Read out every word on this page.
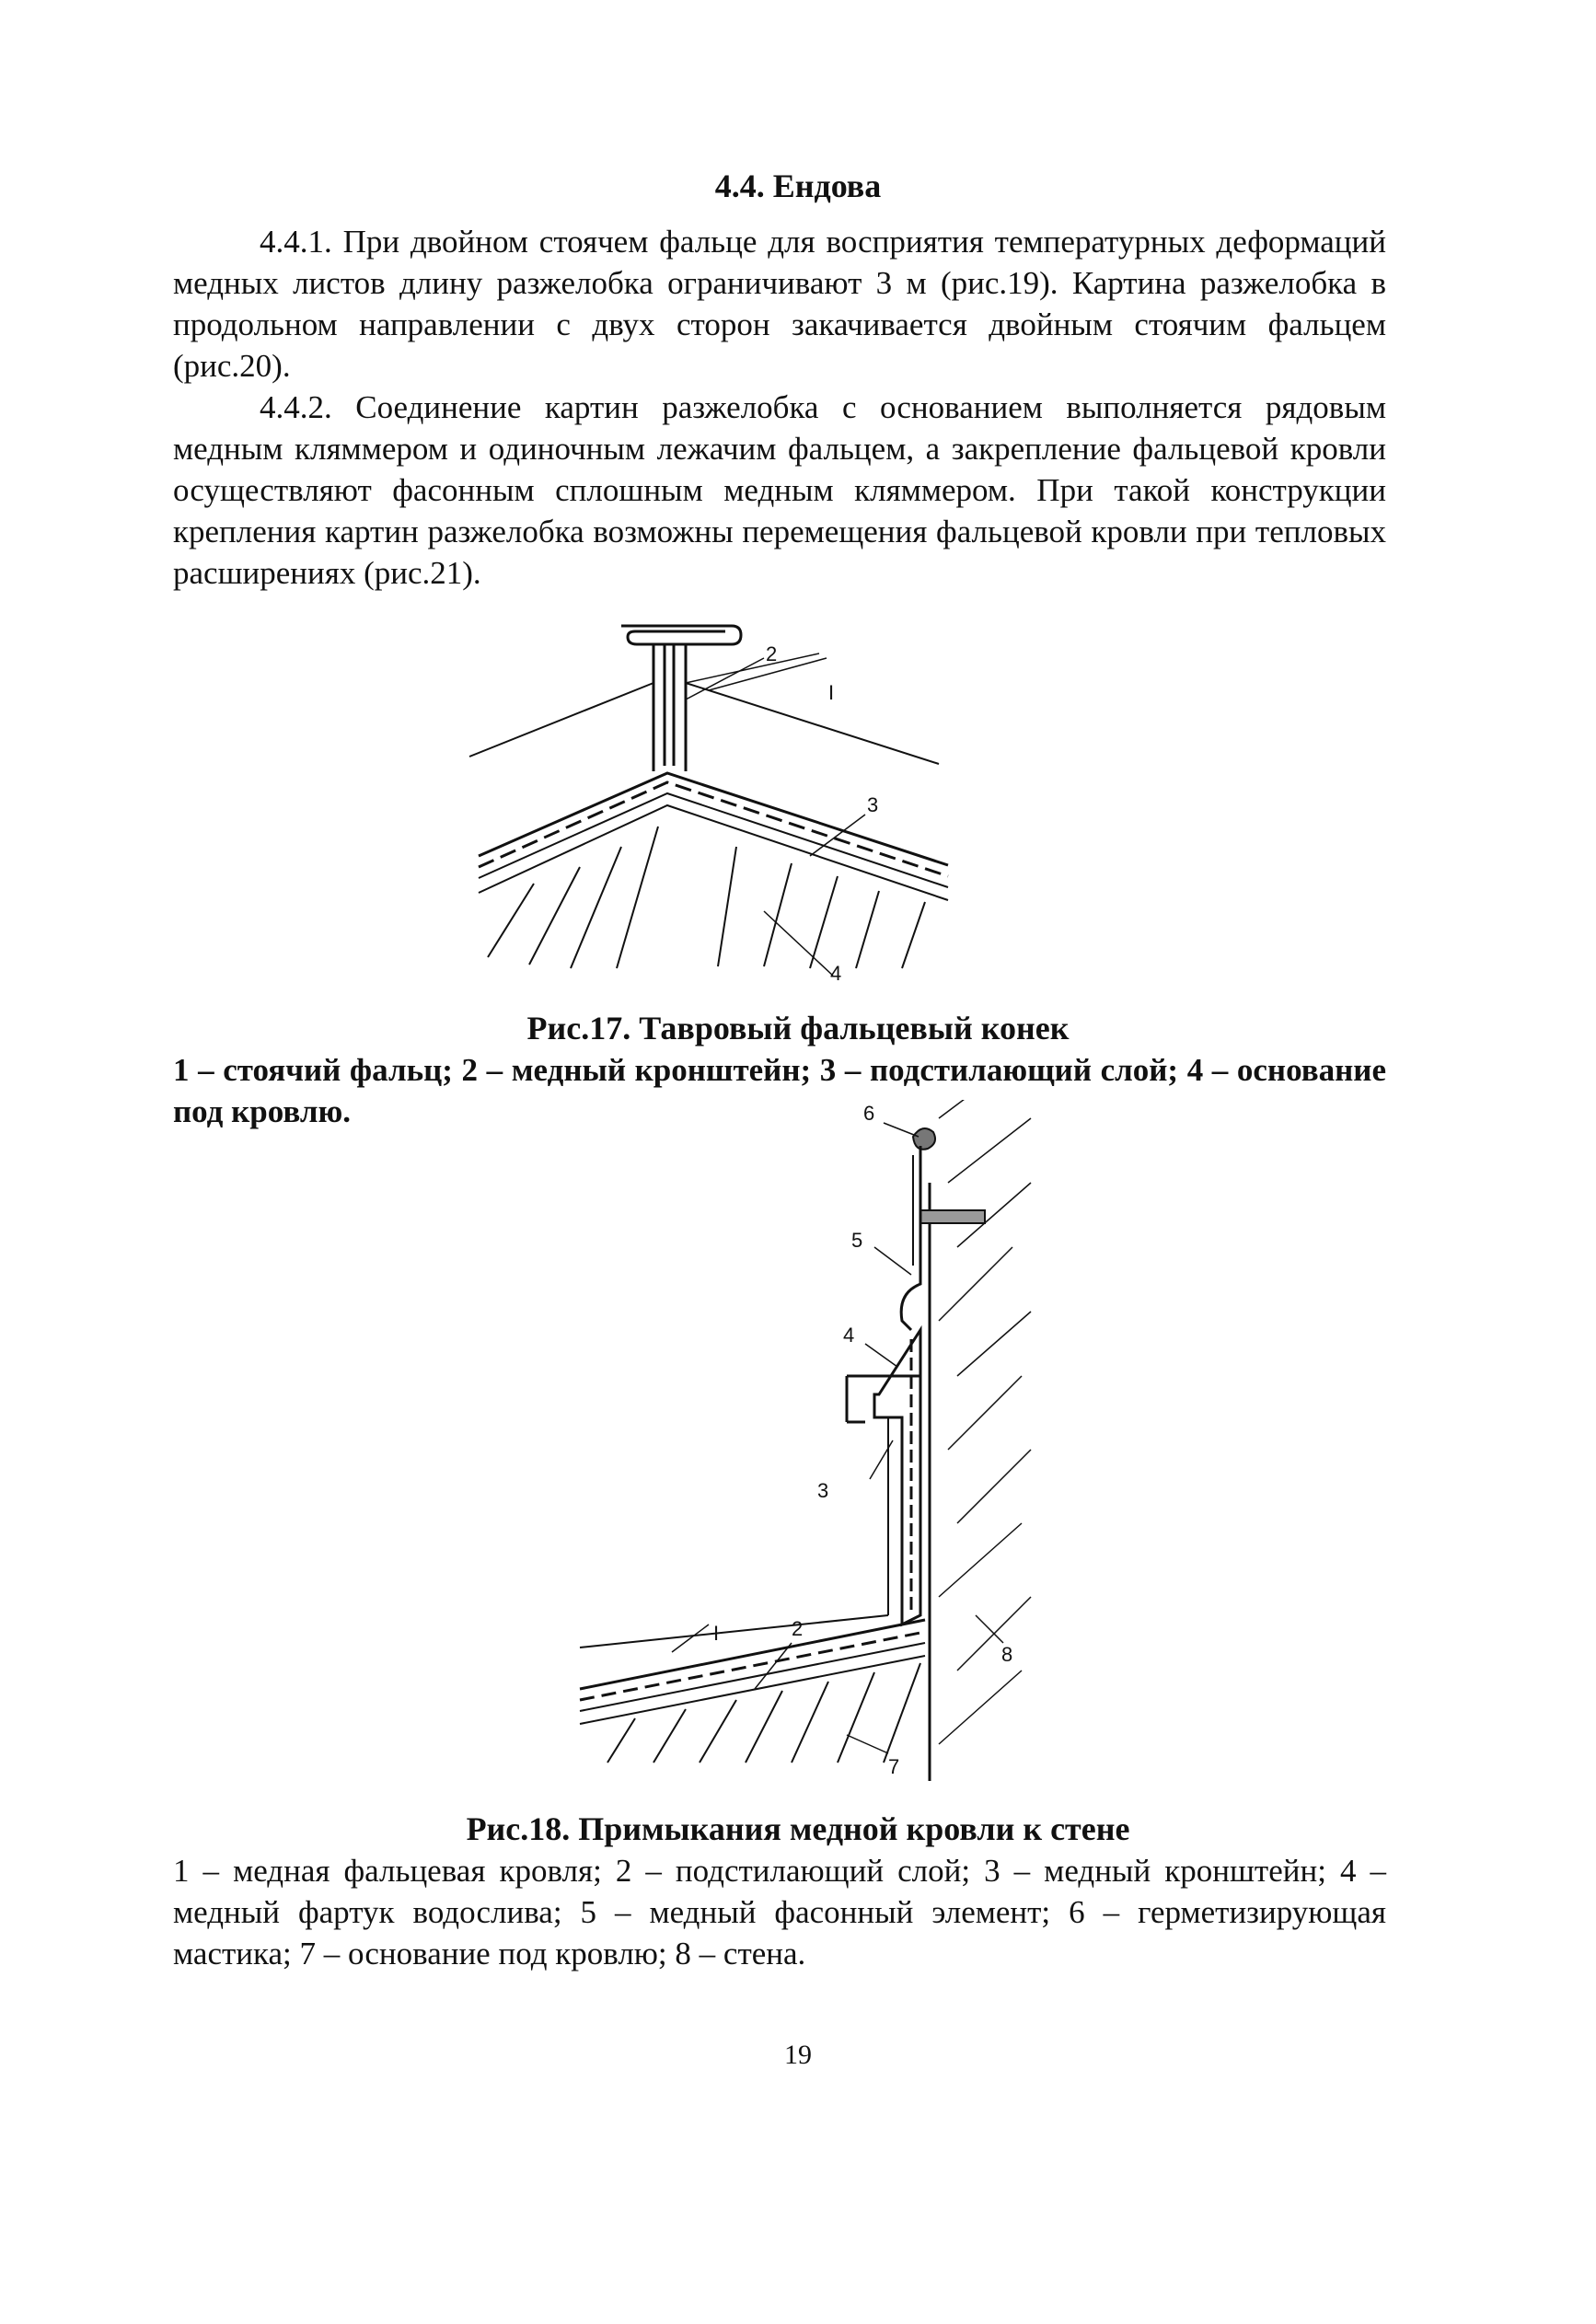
4.4. Ендова

4.4.1. При двойном стоячем фальце для восприятия температурных деформаций медных листов длину разжелобка ограничивают 3 м (рис.19). Картина разжелобка в продольном направлении с двух сторон закачивается двойным стоячим фальцем (рис.20).

4.4.2. Соединение картин разжелобка с основанием выполняется рядовым медным кляммером и одиночным лежачим фальцем, а закрепление фальцевой кровли осуществляют фасонным сплошным медным кляммером. При такой конструкции крепления картин разжелобка возможны перемещения фальцевой кровли при тепловых расширениях (рис.21).

2
I
3
4
Рис.17. Тавровый фальцевый конек
1 – стоячий фальц; 2 – медный кронштейн; 3 – подстилающий слой; 4 – основание под кровлю.	6
5
4
3
I	2
8
7
Рис.18. Примыкания медной кровли к стене
1 – медная фальцевая кровля; 2 – подстилающий слой; 3 – медный кронштейн; 4 – медный фартук водослива; 5 – медный фасонный элемент; 6 – герметизирующая мастика; 7 – основание под кровлю; 8 – стена.
19
